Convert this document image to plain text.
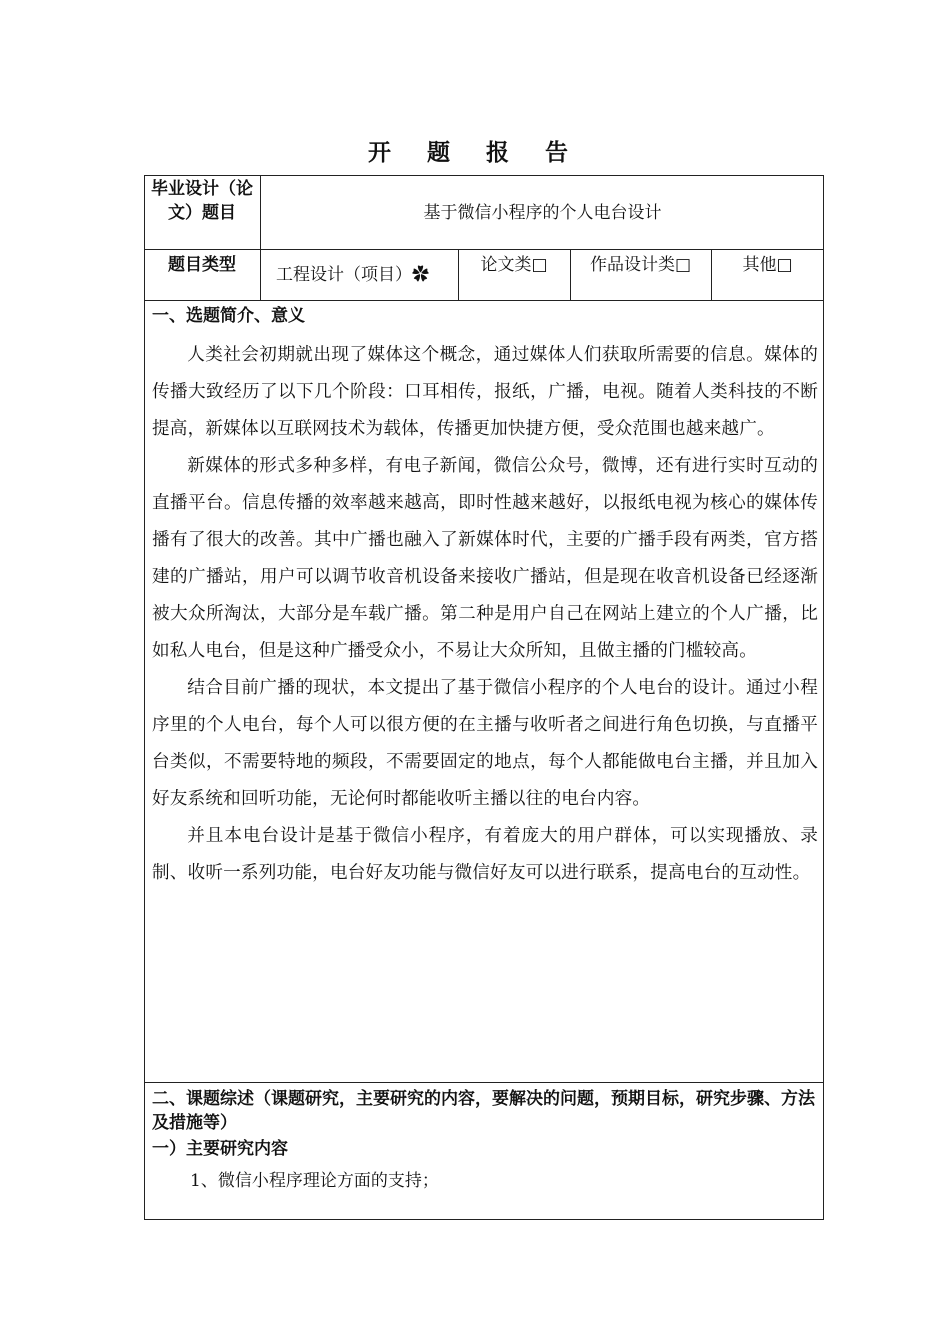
开 题 报 告
毕业设计（论文）题目	基于微信小程序的个人电台设计
题目类型	工程设计（项目）✿	论文类□	作品设计类□	其他□
一、选题简介、意义

人类社会初期就出现了媒体这个概念，通过媒体人们获取所需要的信息。媒体的传播大致经历了以下几个阶段：口耳相传，报纸，广播，电视。随着人类科技的不断提高，新媒体以互联网技术为载体，传播更加快捷方便，受众范围也越来越广。

新媒体的形式多种多样，有电子新闻，微信公众号，微博，还有进行实时互动的直播平台。信息传播的效率越来越高，即时性越来越好，以报纸电视为核心的媒体传播有了很大的改善。其中广播也融入了新媒体时代，主要的广播手段有两类，官方搭建的广播站，用户可以调节收音机设备来接收广播站，但是现在收音机设备已经逐渐被大众所淘汰，大部分是车载广播。第二种是用户自己在网站上建立的个人广播，比如私人电台，但是这种广播受众小，不易让大众所知，且做主播的门槛较高。

结合目前广播的现状，本文提出了基于微信小程序的个人电台的设计。通过小程序里的个人电台，每个人可以很方便的在主播与收听者之间进行角色切换，与直播平台类似，不需要特地的频段，不需要固定的地点，每个人都能做电台主播，并且加入好友系统和回听功能，无论何时都能收听主播以往的电台内容。

并且本电台设计是基于微信小程序，有着庞大的用户群体，可以实现播放、录制、收听一系列功能，电台好友功能与微信好友可以进行联系，提高电台的互动性。

二、课题综述（课题研究，主要研究的内容，要解决的问题，预期目标，研究步骤、方法及措施等）
一）主要研究内容
1、微信小程序理论方面的支持；
